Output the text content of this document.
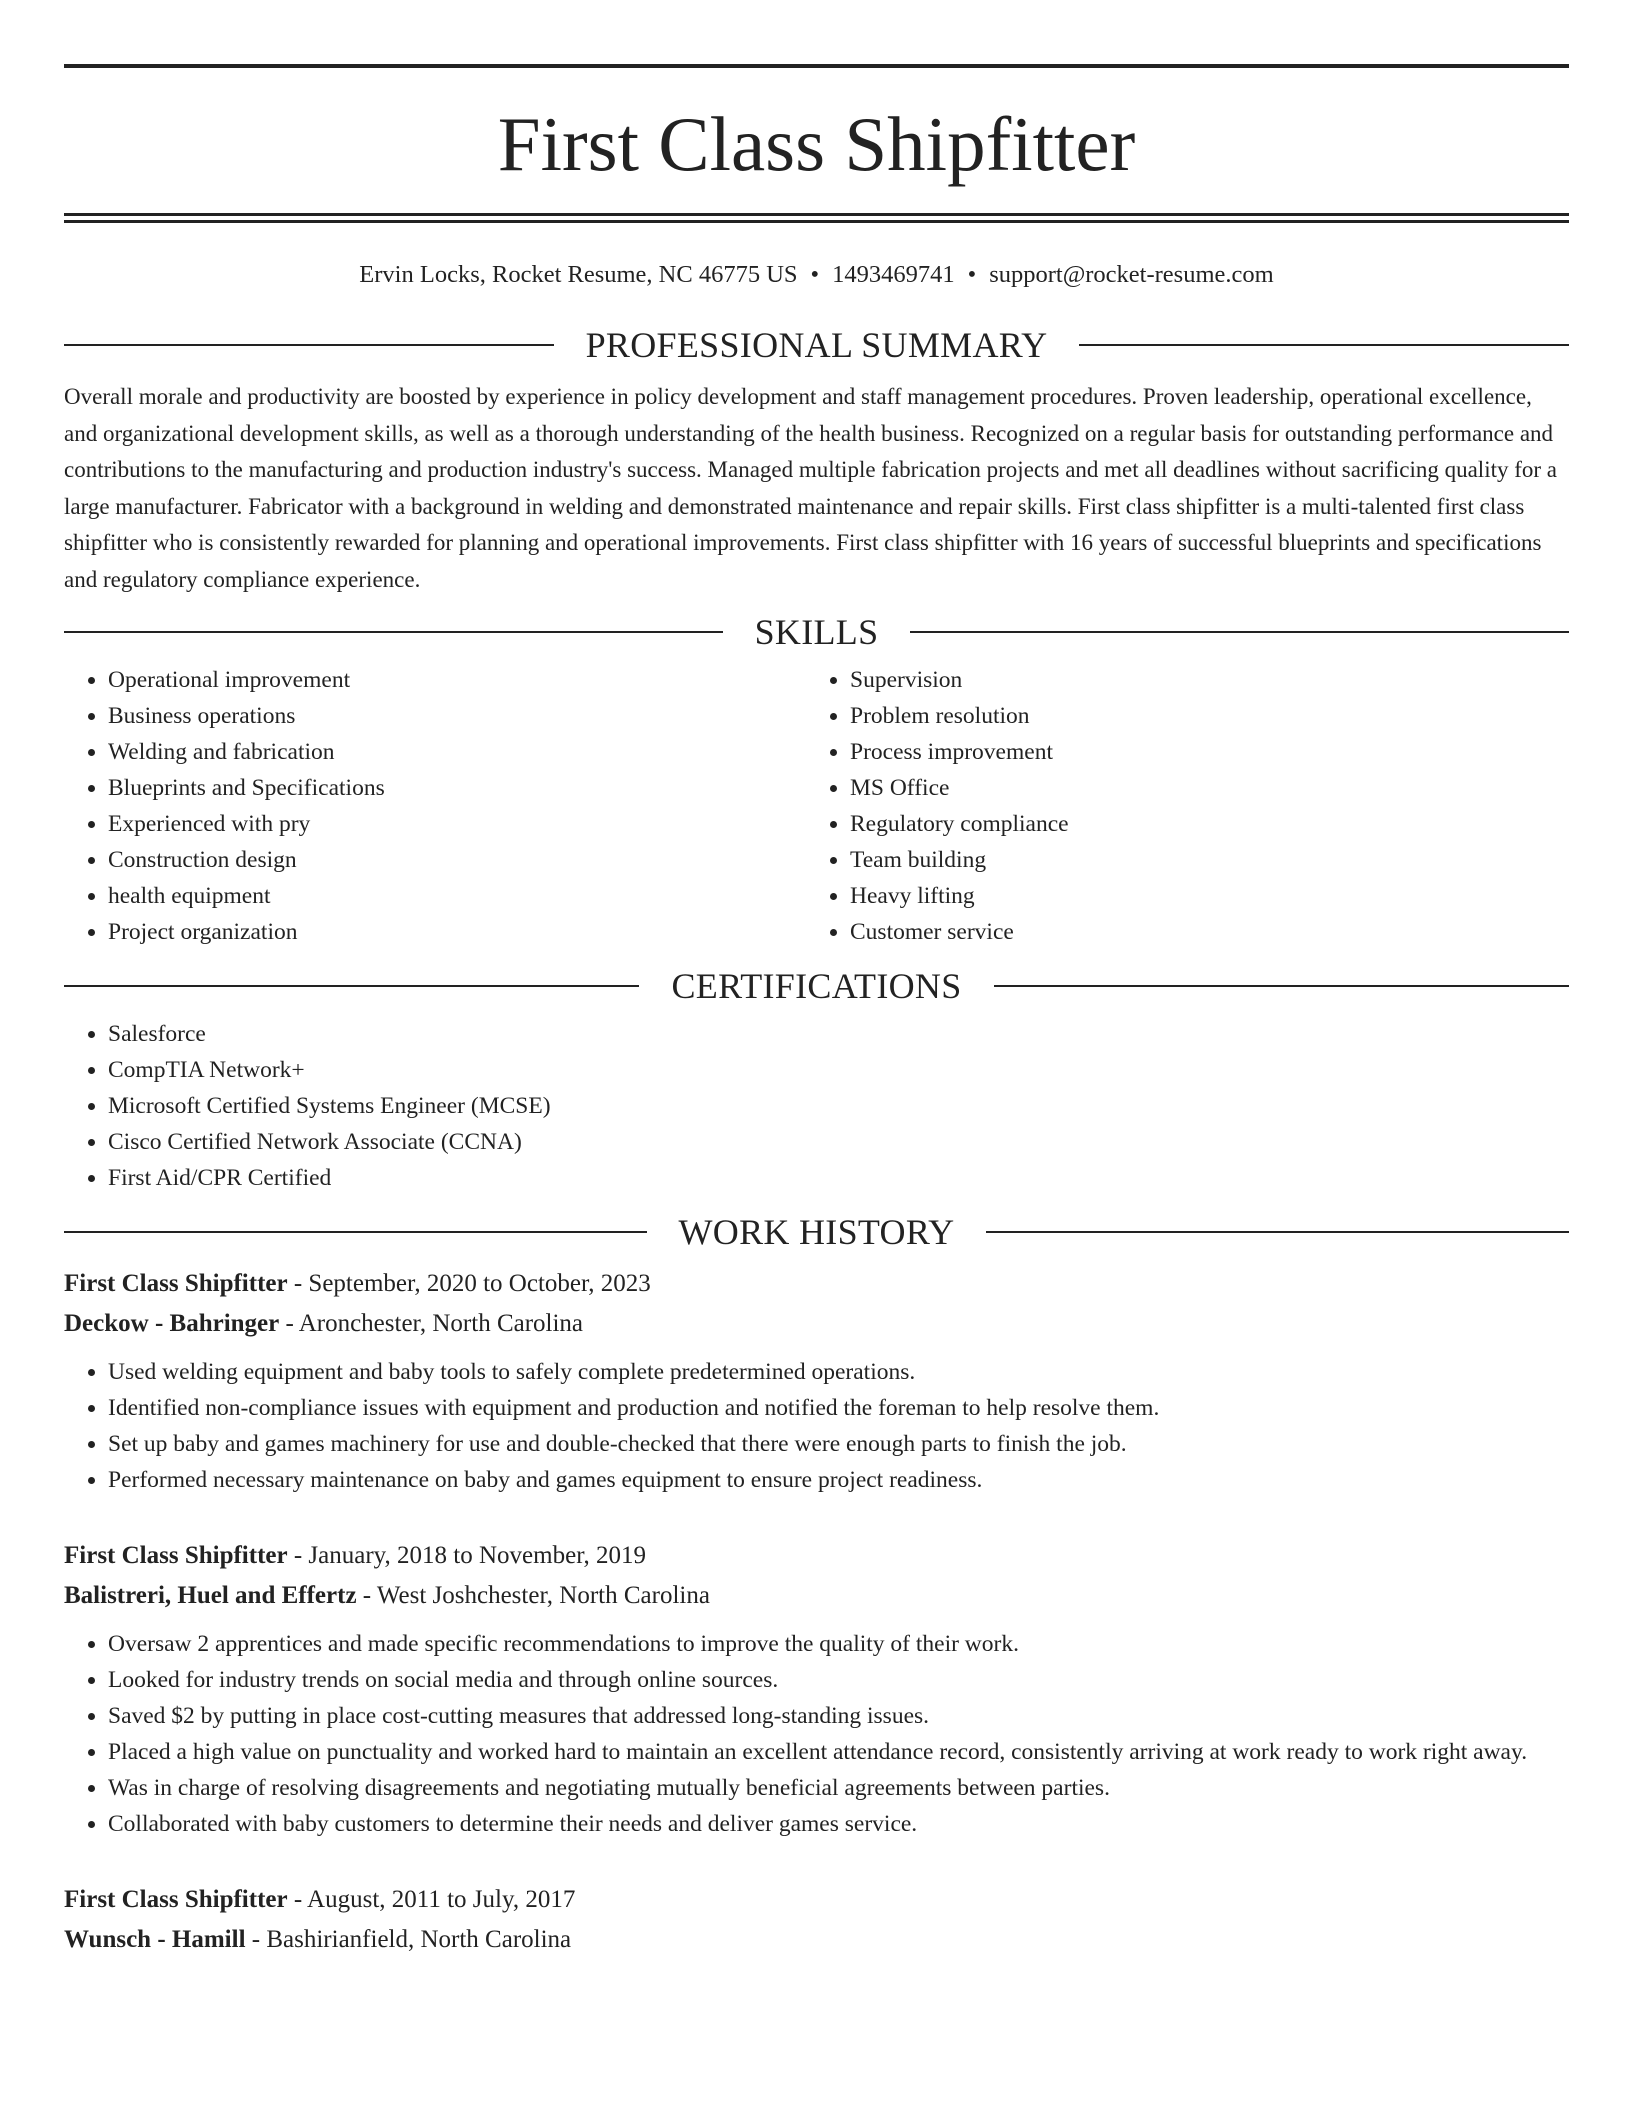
First Class Shipfitter
Ervin Locks, Rocket Resume, NC 46775 US • 1493469741 • support@rocket-resume.com
PROFESSIONAL SUMMARY

Overall morale and productivity are boosted by experience in policy development and staff management procedures. Proven leadership, operational excellence, and organizational development skills, as well as a thorough understanding of the health business. Recognized on a regular basis for outstanding performance and contributions to the manufacturing and production industry's success. Managed multiple fabrication projects and met all deadlines without sacrificing quality for a large manufacturer. Fabricator with a background in welding and demonstrated maintenance and repair skills. First class shipfitter is a multi-talented first class shipfitter who is consistently rewarded for planning and operational improvements. First class shipfitter with 16 years of successful blueprints and specifications and regulatory compliance experience.

SKILLS
• Operational improvement
• Business operations
• Welding and fabrication
• Blueprints and Specifications
• Experienced with pry
• Construction design
• health equipment
• Project organization
• Supervision
• Problem resolution
• Process improvement
• MS Office
• Regulatory compliance
• Team building
• Heavy lifting
• Customer service
CERTIFICATIONS
• Salesforce
• CompTIA Network+
• Microsoft Certified Systems Engineer (MCSE)
• Cisco Certified Network Associate (CCNA)
• First Aid/CPR Certified
WORK HISTORY
First Class Shipfitter - September, 2020 to October, 2023
Deckow - Bahringer - Aronchester, North Carolina
• Used welding equipment and baby tools to safely complete predetermined operations.
• Identified non-compliance issues with equipment and production and notified the foreman to help resolve them.
• Set up baby and games machinery for use and double-checked that there were enough parts to finish the job.
• Performed necessary maintenance on baby and games equipment to ensure project readiness.
First Class Shipfitter - January, 2018 to November, 2019
Balistreri, Huel and Effertz - West Joshchester, North Carolina
• Oversaw 2 apprentices and made specific recommendations to improve the quality of their work.
• Looked for industry trends on social media and through online sources.
• Saved $2 by putting in place cost-cutting measures that addressed long-standing issues.
• Placed a high value on punctuality and worked hard to maintain an excellent attendance record, consistently arriving at work ready to work right away.
• Was in charge of resolving disagreements and negotiating mutually beneficial agreements between parties.
• Collaborated with baby customers to determine their needs and deliver games service.
First Class Shipfitter - August, 2011 to July, 2017
Wunsch - Hamill - Bashirianfield, North Carolina
